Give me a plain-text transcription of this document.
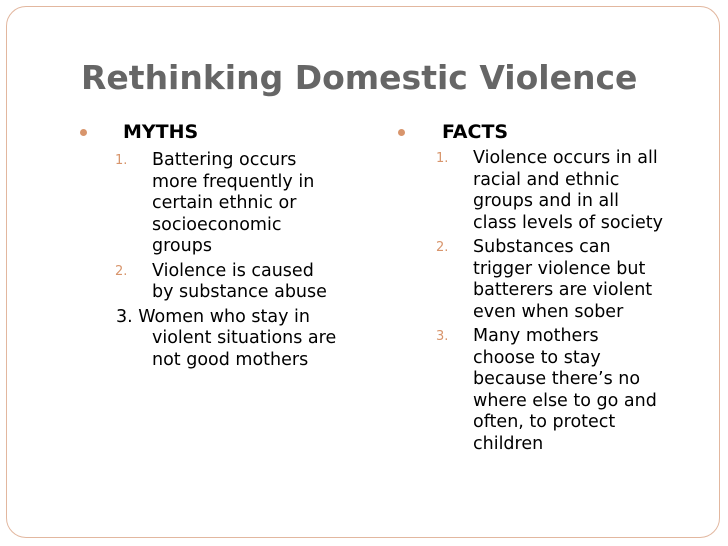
Rethinking Domestic Violence
MYTHS
1. Battering occurs
more frequently in
certain ethnic or
socioeconomic
groups
2. Violence is caused
by substance abuse
3. Women who stay in

violent situations are
not good mothers
FACTS
1. Violence occurs in all
racial and ethnic
groups and in all
class levels of society
2. Substances can
trigger violence but
batterers are violent
even when sober
3. Many mothers
choose to stay
because there’s no
where else to go and
often, to protect
children
